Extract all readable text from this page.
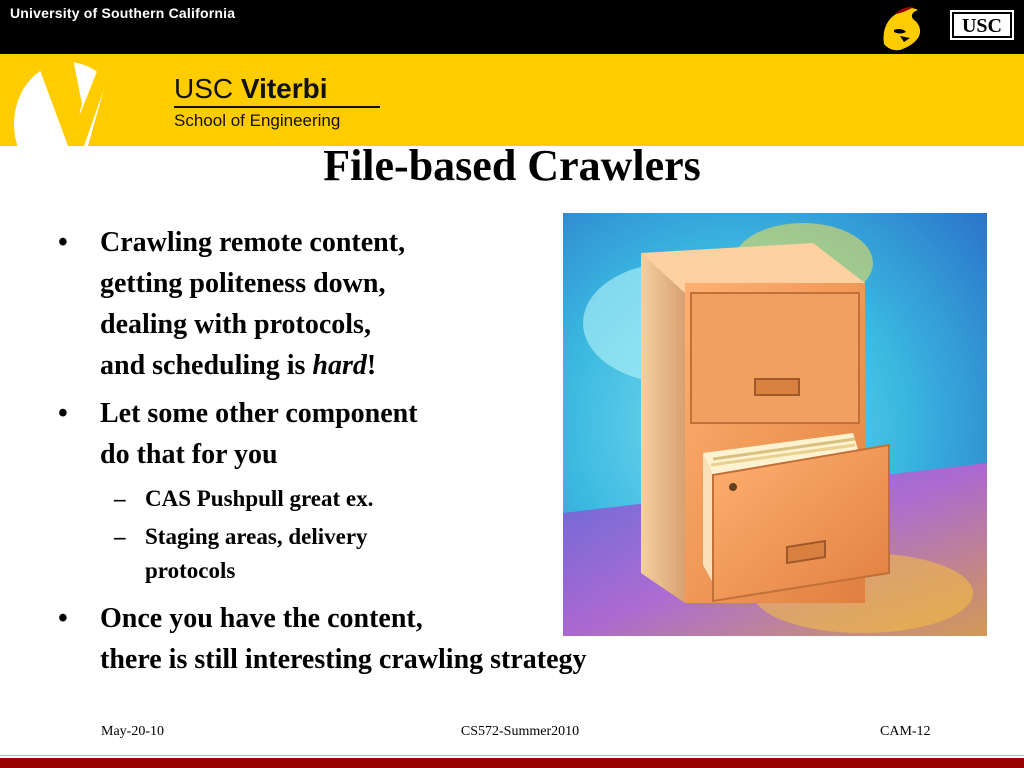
University of Southern California
USC
USC Viterbi
School of Engineering
File-based Crawlers
• Crawling remote content,
getting politeness down,
dealing with protocols,
and scheduling is hard!
• Let some other component
do that for you
– CAS Pushpull great ex.
– Staging areas, delivery protocols
• Once you have the content,
there is still interesting crawling strategy
May-20-10	CS572-Summer2010	CAM-12
